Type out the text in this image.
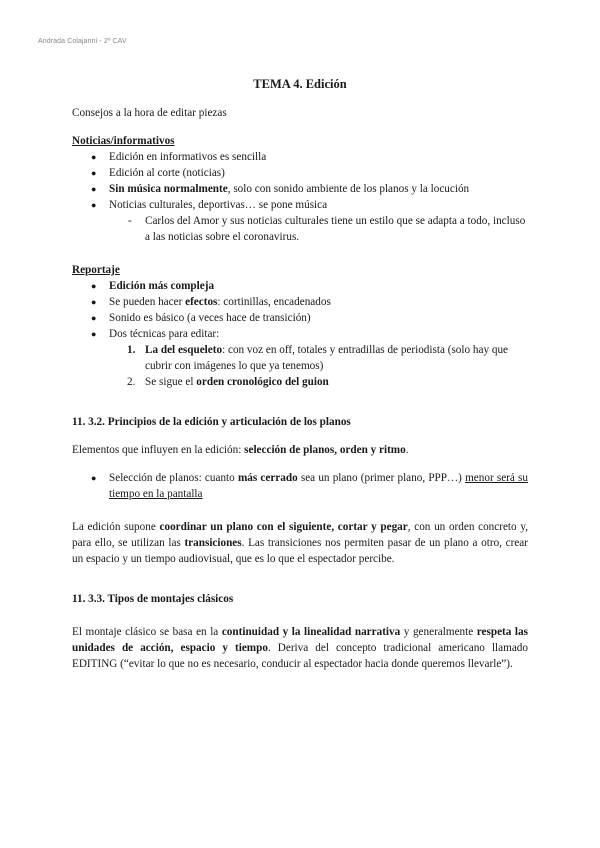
Andrada Colajanni - 2º CAV

TEMA 4. Edición

Consejos a la hora de editar piezas

Noticias/informativos

● Edición en informativos es sencilla
● Edición al corte (noticias)
● Sin música normalmente, solo con sonido ambiente de los planos y la locución
● Noticias culturales, deportivas… se pone música
- Carlos del Amor y sus noticias culturales tiene un estilo que se adapta a todo, incluso a las noticias sobre el coronavirus.

Reportaje

● Edición más compleja
● Se pueden hacer efectos: cortinillas, encadenados
● Sonido es básico (a veces hace de transición)
● Dos técnicas para editar:
1. La del esqueleto: con voz en off, totales y entradillas de periodista (solo hay que cubrir con imágenes lo que ya tenemos)
2. Se sigue el orden cronológico del guion

11. 3.2. Principios de la edición y articulación de los planos

Elementos que influyen en la edición: selección de planos, orden y ritmo.

● Selección de planos: cuanto más cerrado sea un plano (primer plano, PPP…) menor será su tiempo en la pantalla

La edición supone coordinar un plano con el siguiente, cortar y pegar, con un orden concreto y, para ello, se utilizan las transiciones. Las transiciones nos permiten pasar de un plano a otro, crear un espacio y un tiempo audiovisual, que es lo que el espectador percibe.

11. 3.3. Tipos de montajes clásicos

El montaje clásico se basa en la continuidad y la linealidad narrativa y generalmente respeta las unidades de acción, espacio y tiempo. Deriva del concepto tradicional americano llamado EDITING (“evitar lo que no es necesario, conducir al espectador hacia donde queremos llevarle”).
